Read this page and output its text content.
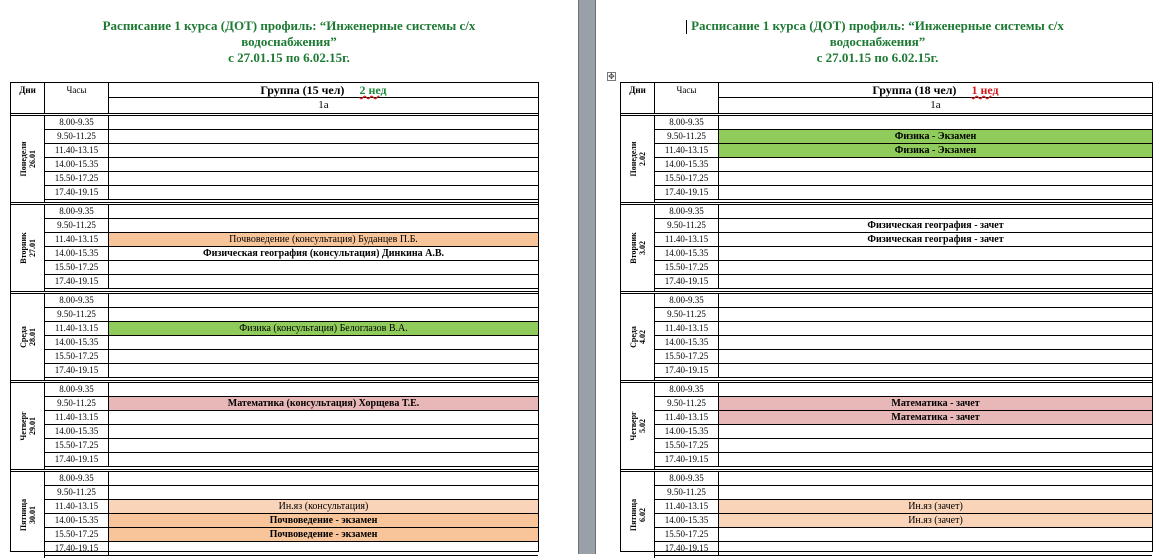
Расписание 1 курса (ДОТ) профиль: “Инженерные системы с/х
водоснабжения”
с 27.01.15 по 6.02.15г.
Дни	Часы	Группа (15 чел) 2 нед
1а
Понедели
26.01
8.00-9.35
9.50-11.25
11.40-13.15
14.00-15.35
15.50-17.25
17.40-19.15
Вторник
27.01
8.00-9.35
9.50-11.25
11.40-13.15	Почвоведение (консультация) Буданцев П.Б.
14.00-15.35	Физическая география (консультация) Динкина А.В.
15.50-17.25
17.40-19.15
Среда
28.01
8.00-9.35
9.50-11.25
11.40-13.15	Физика (консультация) Белоглазов В.А.
14.00-15.35
15.50-17.25
17.40-19.15
Четверг
29.01
8.00-9.35
9.50-11.25	Математика (консультация) Хорщева Т.Е.
11.40-13.15
14.00-15.35
15.50-17.25
17.40-19.15
Пятница
30.01
8.00-9.35
9.50-11.25
11.40-13.15	Ин.яз (консультация)
14.00-15.35	Почвоведение - экзамен
15.50-17.25	Почвоведение - экзамен
17.40-19.15
Расписание 1 курса (ДОТ) профиль: “Инженерные системы с/х
водоснабжения”
с 27.01.15 по 6.02.15г.
Дни	Часы	Группа (18 чел) 1 нед
1а
Понедели
2.02
8.00-9.35
9.50-11.25	Физика - Экзамен
11.40-13.15	Физика - Экзамен
14.00-15.35
15.50-17.25
17.40-19.15
Вторник
3.02
8.00-9.35
9.50-11.25	Физическая география - зачет
11.40-13.15	Физическая география - зачет
14.00-15.35
15.50-17.25
17.40-19.15
Среда
4.02
8.00-9.35
9.50-11.25
11.40-13.15
14.00-15.35
15.50-17.25
17.40-19.15
Четверг
5.02
8.00-9.35
9.50-11.25	Математика - зачет
11.40-13.15	Математика - зачет
14.00-15.35
15.50-17.25
17.40-19.15
Пятница
6.02
8.00-9.35
9.50-11.25
11.40-13.15	Ин.яз (зачет)
14.00-15.35	Ин.яз (зачет)
15.50-17.25
17.40-19.15
✥
